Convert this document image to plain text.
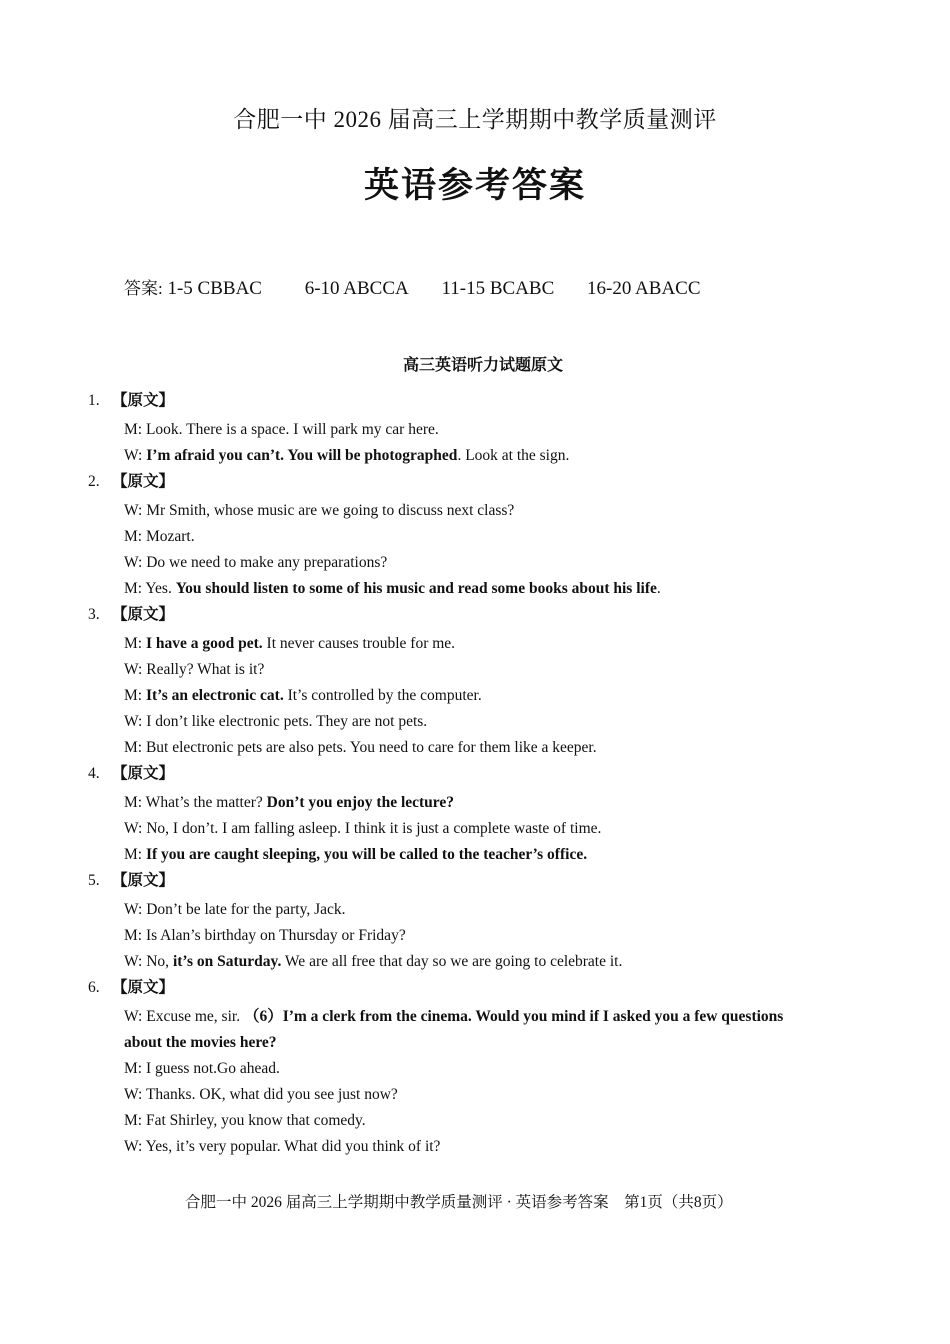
合肥一中 2026 届高三上学期期中教学质量测评
英语参考答案
答案: 1-5 CBBAC 6-10 ABCCA 11-15 BCABC 16-20 ABACC
高三英语听力试题原文
1. 【原文】
M: Look. There is a space. I will park my car here.
W: I’m afraid you can’t. You will be photographed. Look at the sign.
2. 【原文】
W: Mr Smith, whose music are we going to discuss next class?
M: Mozart.
W: Do we need to make any preparations?
M: Yes. You should listen to some of his music and read some books about his life.
3. 【原文】
M: I have a good pet. It never causes trouble for me.
W: Really? What is it?
M: It’s an electronic cat. It’s controlled by the computer.
W: I don’t like electronic pets. They are not pets.
M: But electronic pets are also pets. You need to care for them like a keeper.
4. 【原文】
M: What’s the matter? Don’t you enjoy the lecture?
W: No, I don’t. I am falling asleep. I think it is just a complete waste of time.
M: If you are caught sleeping, you will be called to the teacher’s office.
5. 【原文】
W: Don’t be late for the party, Jack.
M: Is Alan’s birthday on Thursday or Friday?
W: No, it’s on Saturday. We are all free that day so we are going to celebrate it.
6. 【原文】
W: Excuse me, sir. （6）I’m a clerk from the cinema. Would you mind if I asked you a few questions about the movies here?
M: I guess not.Go ahead.
W: Thanks. OK, what did you see just now?
M: Fat Shirley, you know that comedy.
W: Yes, it’s very popular. What did you think of it?
合肥一中 2026 届高三上学期期中教学质量测评 · 英语参考答案　第1页（共8页）
